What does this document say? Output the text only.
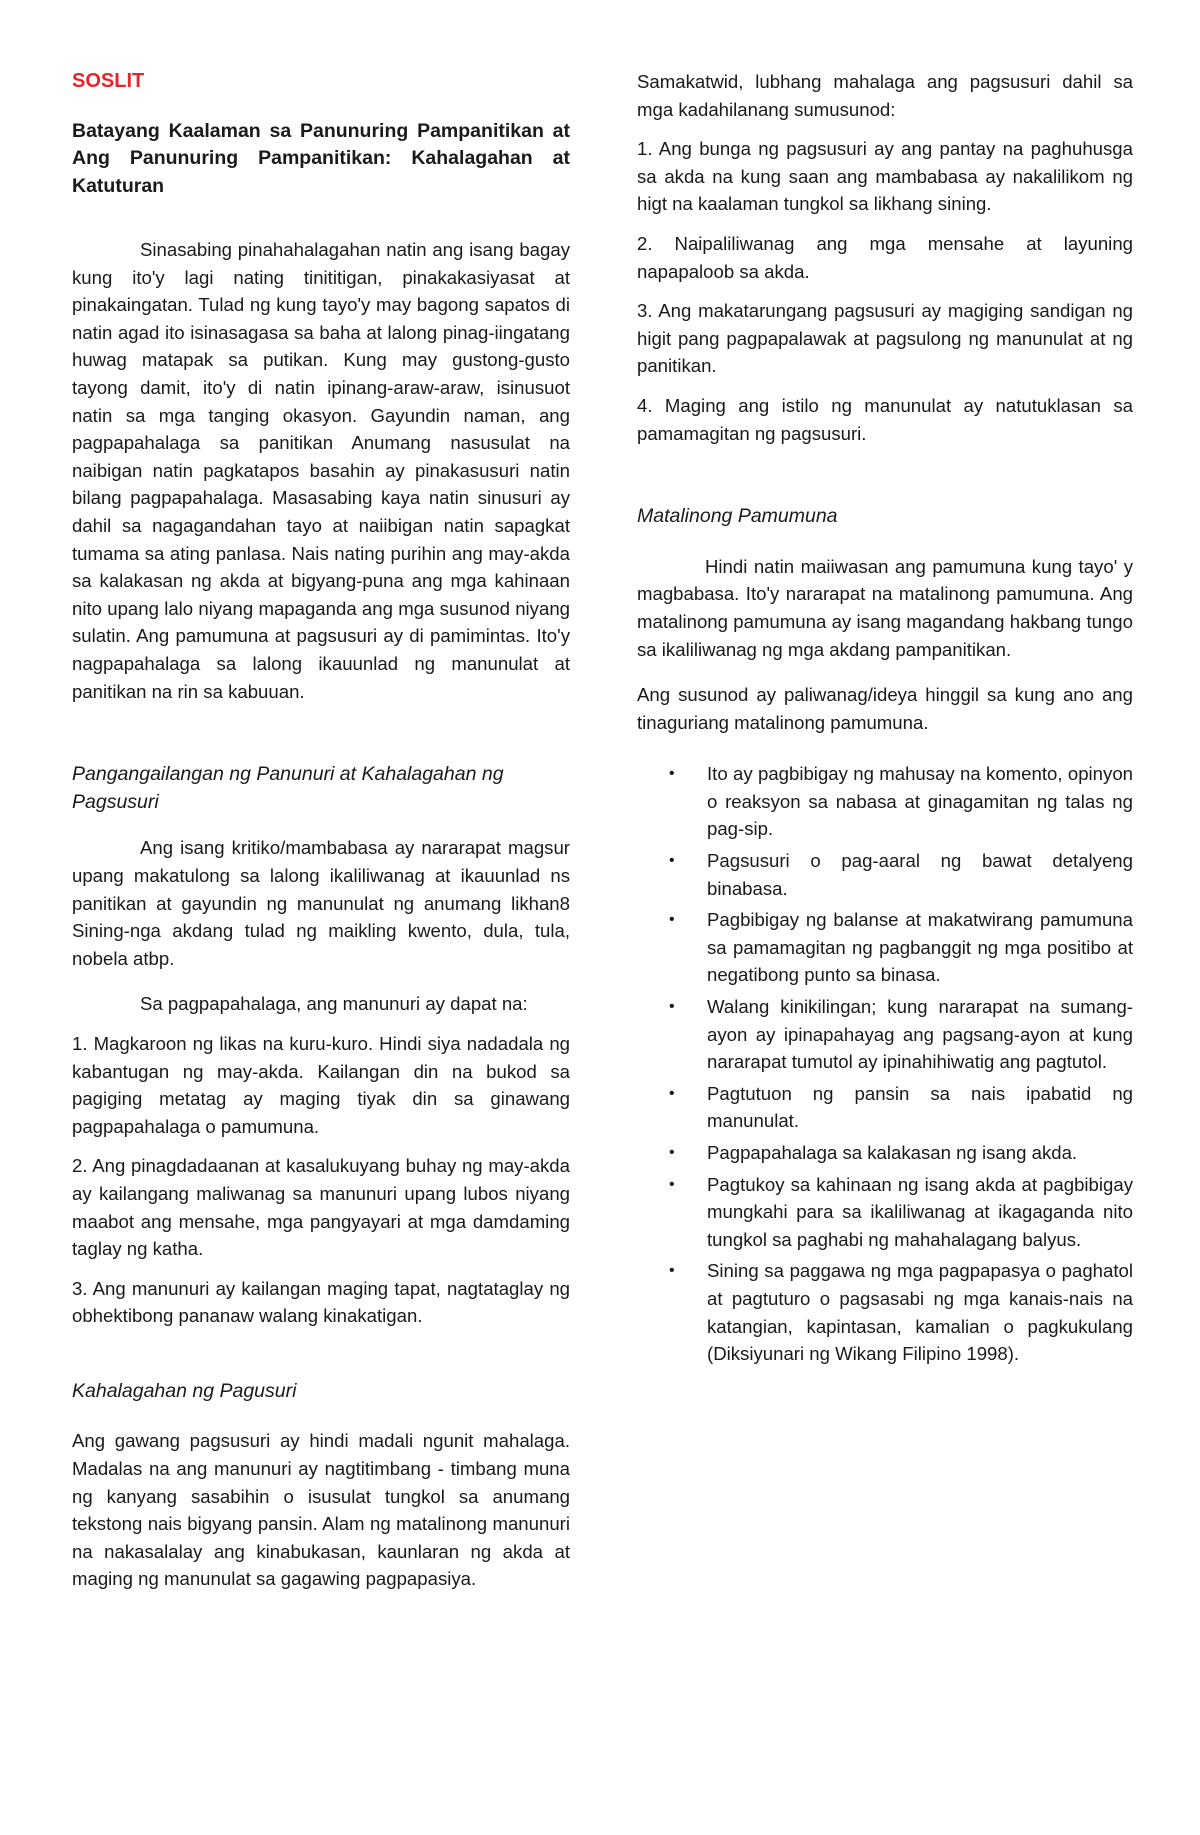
SOSLIT

Batayang Kaalaman sa Panunuring Pampanitikan at Ang Panunuring Pampanitikan: Kahalagahan at Katuturan

Sinasabing pinahahalagahan natin ang isang bagay kung ito'y lagi nating tinititigan, pinakakasiyasat at pinakaingatan. Tulad ng kung tayo'y may bagong sapatos di natin agad ito isinasagasa sa baha at lalong pinag-iingatang huwag matapak sa putikan. Kung may gustong-gusto tayong damit, ito'y di natin ipinang-araw-araw, isinusuot natin sa mga tanging okasyon. Gayundin naman, ang pagpapahalaga sa panitikan Anumang nasusulat na naibigan natin pagkatapos basahin ay pinakasusuri natin bilang pagpapahalaga. Masasabing kaya natin sinusuri ay dahil sa nagagandahan tayo at naiibigan natin sapagkat tumama sa ating panlasa. Nais nating purihin ang may-akda sa kalakasan ng akda at bigyang-puna ang mga kahinaan nito upang lalo niyang mapaganda ang mga susunod niyang sulatin. Ang pamumuna at pagsusuri ay di pamimintas. Ito'y nagpapahalaga sa lalong ikauunlad ng manunulat at panitikan na rin sa kabuuan.

Pangangailangan ng Panunuri at Kahalagahan ng Pagsusuri

Ang isang kritiko/mambabasa ay nararapat magsur upang makatulong sa lalong ikaliliwanag at ikauunlad ns panitikan at gayundin ng manunulat ng anumang likhan8 Sining-nga akdang tulad ng maikling kwento, dula, tula, nobela atbp.

Sa pagpapahalaga, ang manunuri ay dapat na:

1. Magkaroon ng likas na kuru-kuro. Hindi siya nadadala ng kabantugan ng may-akda. Kailangan din na bukod sa pagiging metatag ay maging tiyak din sa ginawang pagpapahalaga o pamumuna.

2. Ang pinagdadaanan at kasalukuyang buhay ng may-akda ay kailangang maliwanag sa manunuri upang lubos niyang maabot ang mensahe, mga pangyayari at mga damdaming taglay ng katha.

3. Ang manunuri ay kailangan maging tapat, nagtataglay ng obhektibong pananaw walang kinakatigan.

Kahalagahan ng Pagusuri

Ang gawang pagsusuri ay hindi madali ngunit mahalaga. Madalas na ang manunuri ay nagtitimbang - timbang muna ng kanyang sasabihin o isusulat tungkol sa anumang tekstong nais bigyang pansin. Alam ng matalinong manunuri na nakasalalay ang kinabukasan, kaunlaran ng akda at maging ng manunulat sa gagawing pagpapasiya.

Samakatwid, lubhang mahalaga ang pagsusuri dahil sa mga kadahilanang sumusunod:

1. Ang bunga ng pagsusuri ay ang pantay na paghuhusga sa akda na kung saan ang mambabasa ay nakalilikom ng higt na kaalaman tungkol sa likhang sining.

2. Naipaliliwanag ang mga mensahe at layuning napapaloob sa akda.

3. Ang makatarungang pagsusuri ay magiging sandigan ng higit pang pagpapalawak at pagsulong ng manunulat at ng panitikan.

4. Maging ang istilo ng manunulat ay natutuklasan sa pamamagitan ng pagsusuri.

Matalinong Pamumuna

Hindi natin maiiwasan ang pamumuna kung tayo' y magbabasa. Ito'y nararapat na matalinong pamumuna. Ang matalinong pamumuna ay isang magandang hakbang tungo sa ikaliliwanag ng mga akdang pampanitikan.

Ang susunod ay paliwanag/ideya hinggil sa kung ano ang tinaguriang matalinong pamumuna.

• Ito ay pagbibigay ng mahusay na komento, opinyon o reaksyon sa nabasa at ginagamitan ng talas ng pag-sip.
• Pagsusuri o pag-aaral ng bawat detalyeng binabasa.
• Pagbibigay ng balanse at makatwirang pamumuna sa pamamagitan ng pagbanggit ng mga positibo at negatibong punto sa binasa.
• Walang kinikilingan; kung nararapat na sumang-ayon ay ipinapahayag ang pagsang-ayon at kung nararapat tumutol ay ipinahihiwatig ang pagtutol.
• Pagtutuon ng pansin sa nais ipabatid ng manunulat.
• Pagpapahalaga sa kalakasan ng isang akda.
• Pagtukoy sa kahinaan ng isang akda at pagbibigay mungkahi para sa ikaliliwanag at ikagaganda nito tungkol sa paghabi ng mahahalagang balyus.
• Sining sa paggawa ng mga pagpapasya o paghatol at pagtuturo o pagsasabi ng mga kanais-nais na katangian, kapintasan, kamalian o pagkukulang (Diksiyunari ng Wikang Filipino 1998).
